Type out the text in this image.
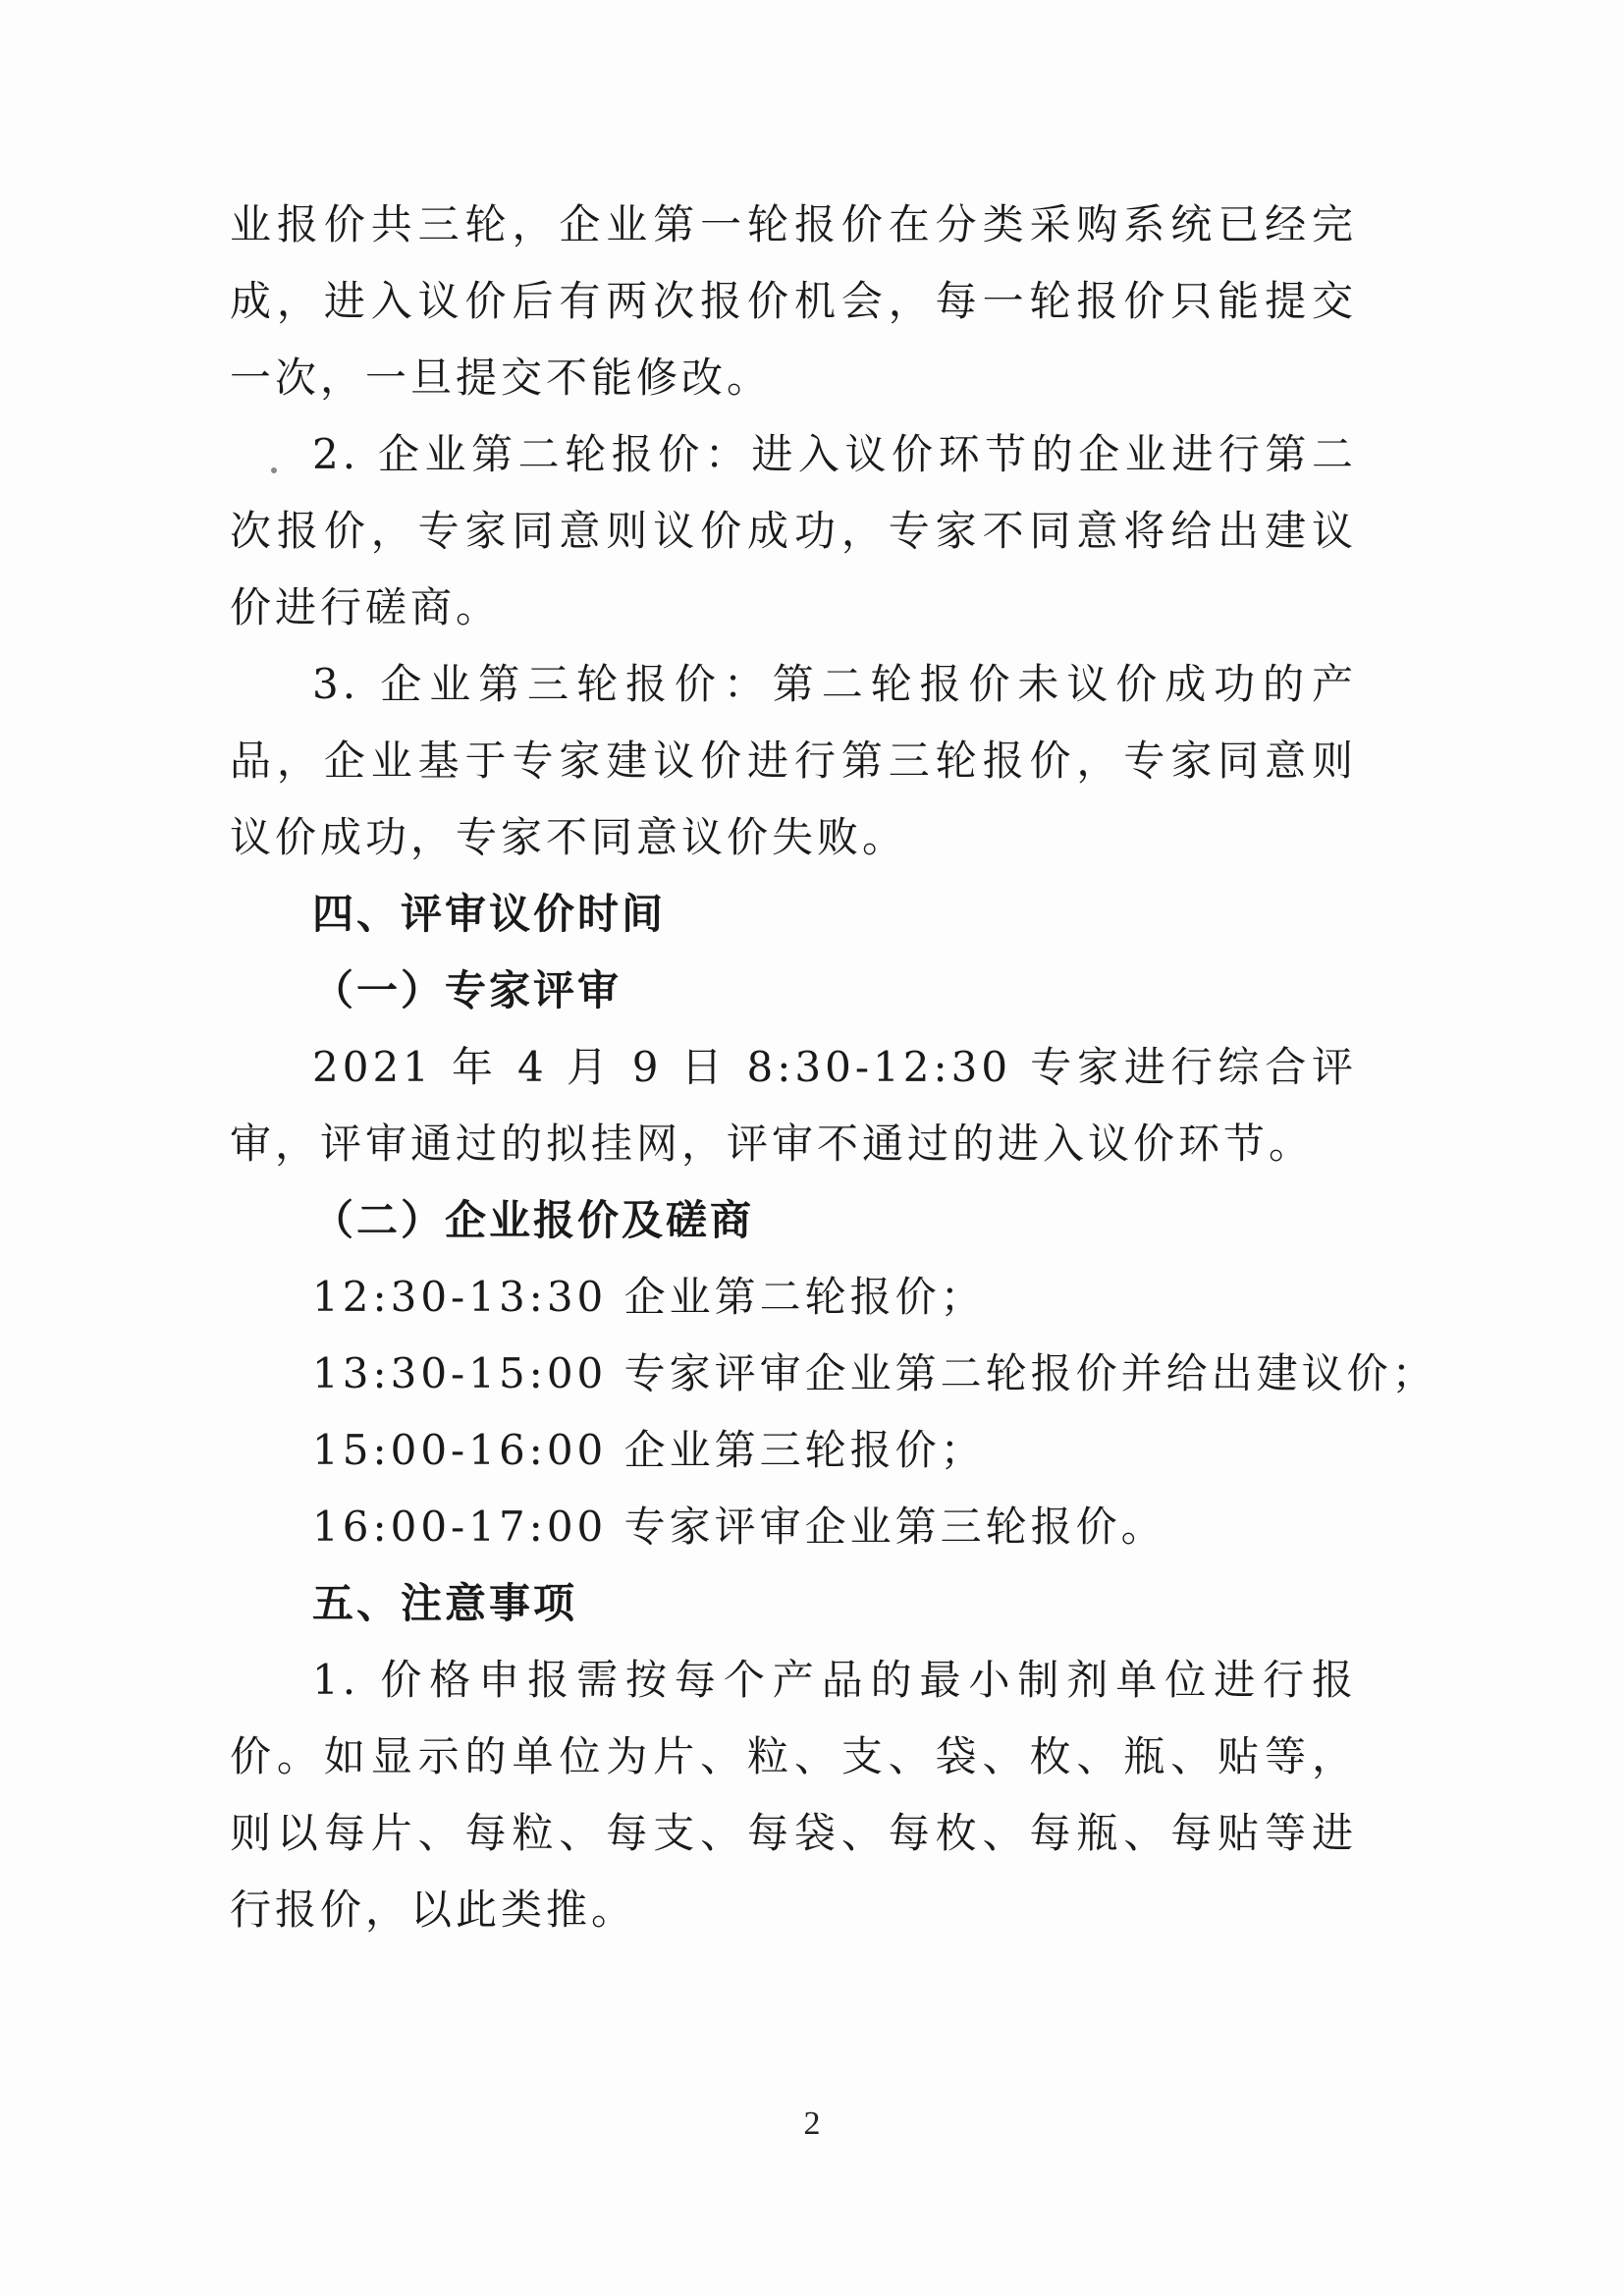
业报价共三轮，企业第一轮报价在分类采购系统已经完成，进入议价后有两次报价机会，每一轮报价只能提交一次，一旦提交不能修改。

2. 企业第二轮报价：进入议价环节的企业进行第二次报价，专家同意则议价成功，专家不同意将给出建议价进行磋商。

3. 企业第三轮报价：第二轮报价未议价成功的产品，企业基于专家建议价进行第三轮报价，专家同意则议价成功，专家不同意议价失败。

四、评审议价时间

（一）专家评审

2021 年 4 月 9 日 8:30-12:30 专家进行综合评审，评审通过的拟挂网，评审不通过的进入议价环节。

（二）企业报价及磋商

12:30-13:30 企业第二轮报价；

13:30-15:00 专家评审企业第二轮报价并给出建议价；

15:00-16:00 企业第三轮报价；

16:00-17:00 专家评审企业第三轮报价。

五、注意事项

1. 价格申报需按每个产品的最小制剂单位进行报价。如显示的单位为片、粒、支、袋、枚、瓶、贴等，则以每片、每粒、每支、每袋、每枚、每瓶、每贴等进行报价，以此类推。

2
